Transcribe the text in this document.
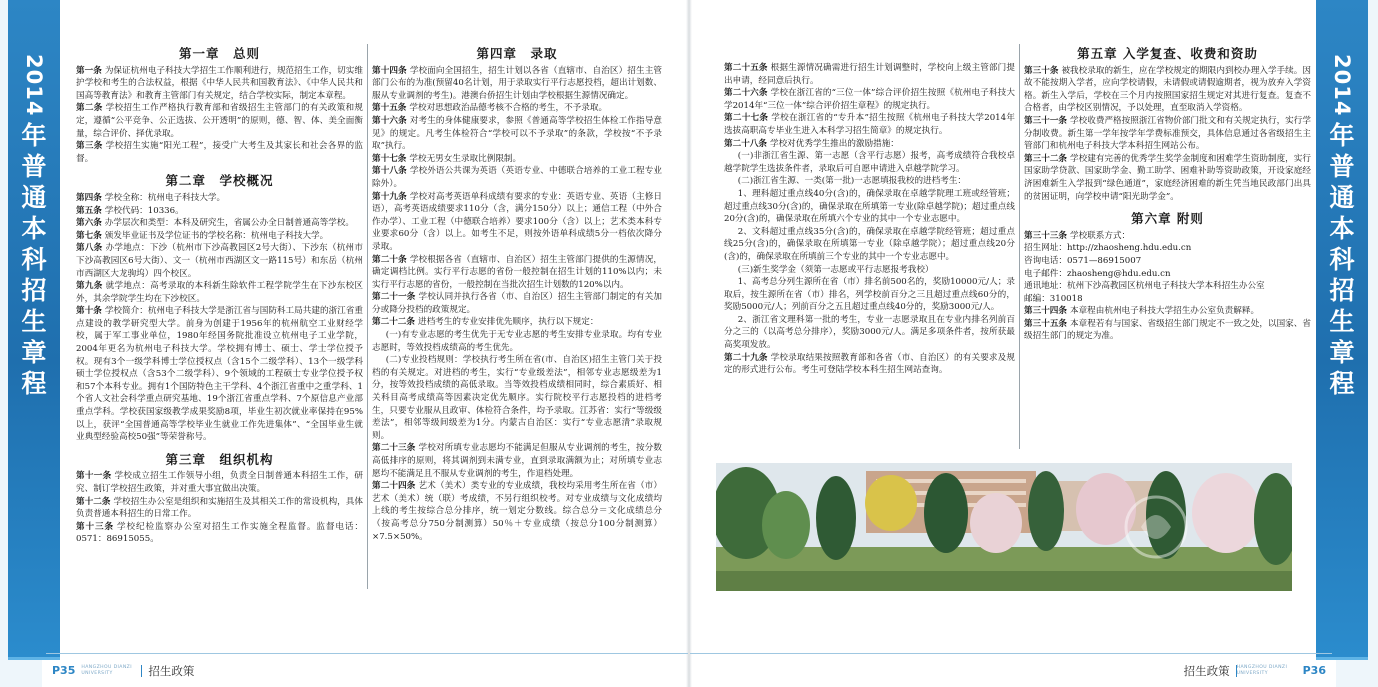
2014
年
普
通
本
科
招
生
章
程
2014
年
普
通
本
科
招
生
章
程
第一章　总则
第一条 为保证杭州电子科技大学招生工作顺利进行，规范招生工作，切实维护学校和考生的合法权益，根据《中华人民共和国教育法》、《中华人民共和国高等教育法》和教育主管部门有关规定，结合学校实际，制定本章程。
第二条 学校招生工作严格执行教育部和省级招生主管部门的有关政策和规定，遵循“公平竞争、公正选拔、公开透明”的原则，德、智、体、美全面衡量，综合评价、择优录取。
第三条 学校招生实施“阳光工程”，接受广大考生及其家长和社会各界的监督。
第二章　学校概况
第四条 学校全称：杭州电子科技大学。
第五条 学校代码：10336。
第六条 办学层次和类型：本科及研究生，省属公办全日制普通高等学校。
第七条 颁发毕业证书及学位证书的学校名称：杭州电子科技大学。
第八条 办学地点：下沙（杭州市下沙高教园区2号大街）、下沙东（杭州市下沙高教园区6号大街）、文一（杭州市西湖区文一路115号）和东岳（杭州市西湖区大龙驹坞）四个校区。
第九条 就学地点：高考录取的本科新生除软件工程学院学生在下沙东校区外，其余学院学生均在下沙校区。
第十条 学校简介：杭州电子科技大学是浙江省与国防科工局共建的浙江省重点建设的教学研究型大学。前身为创建于1956年的杭州航空工业财经学校，属于军工事业单位，1980年经国务院批准设立杭州电子工业学院，2004年更名为杭州电子科技大学。学校拥有博士、硕士、学士学位授予权。现有3个一级学科博士学位授权点（含15个二级学科）、13个一级学科硕士学位授权点（含53个二级学科）、9个领域的工程硕士专业学位授予权和57个本科专业。拥有1个国防特色主干学科、4个浙江省重中之重学科、1个省人文社会科学重点研究基地、19个浙江省重点学科、7个原信息产业部重点学科。学校获国家级教学成果奖励8项，毕业生初次就业率保持在95%以上，获评“全国普通高等学校毕业生就业工作先进集体”、“全国毕业生就业典型经验高校50强”等荣誉称号。
第三章　组织机构
第十一条 学校成立招生工作领导小组，负责全日制普通本科招生工作，研究、制订学校招生政策，并对重大事宜做出决策。
第十二条 学校招生办公室是组织和实施招生及其相关工作的常设机构，具体负责普通本科招生的日常工作。
第十三条 学校纪检监察办公室对招生工作实施全程监督。监督电话：0571：86915055。
第四章　录取
第十四条 学校面向全国招生，招生计划以各省（直辖市、自治区）招生主管部门公布的为准(预留40名计划，用于录取实行平行志愿投档，超出计划数、服从专业调剂的考生)。港澳台侨招生计划由学校根据生源情况确定。
第十五条 学校对思想政治品德考核不合格的考生，不予录取。
第十六条 对考生的身体健康要求，参照《普通高等学校招生体检工作指导意见》的规定。凡考生体检符合“学校可以不予录取”的条款，学校按“不予录取”执行。
第十七条 学校无男女生录取比例限制。
第十八条 学校外语公共课为英语（英语专业、中德联合培养的工业工程专业除外）。
第十九条 学校对高考英语单科成绩有要求的专业：英语专业、英语（主修日语），高考英语成绩要求110分（含，满分150分）以上；通信工程（中外合作办学）、工业工程（中德联合培养）要求100分（含）以上；艺术类本科专业要求60分（含）以上。如考生不足，则按外语单科成绩5分一档依次降分录取。
第二十条 学校根据各省（直辖市、自治区）招生主管部门提供的生源情况，确定调档比例。实行平行志愿的省份一般控制在招生计划的110%以内；未实行平行志愿的省份，一般控制在当批次招生计划数的120%以内。
第二十一条 学校认同并执行各省（市、自治区）招生主管部门制定的有关加分或降分投档的政策规定。
第二十二条 进档考生的专业安排优先顺序，执行以下规定：
(一)有专业志愿的考生优先于无专业志愿的考生安排专业录取。均有专业志愿时，等效投档成绩高的考生优先。
(二)专业投档规则：学校执行考生所在省(市、自治区)招生主管门关于投档的有关规定。对进档的考生，实行“专业级差法”，相邻专业志愿级差为1分，按等效投档成绩的高低录取。当等效投档成绩相同时，综合素质好、相关科目高考成绩高等因素决定优先顺序。实行院校平行志愿投档的进档考生，只要专业服从且政审、体检符合条件，均予录取。江苏省：实行“等级级差法”，相邻等级间级差为1分。内蒙古自治区：实行“专业志愿清”录取规则。
第二十三条 学校对所填专业志愿均不能满足但服从专业调剂的考生，按分数高低排序的原则，将其调剂到未满专业，直到录取满额为止；对所填专业志愿均不能满足且不服从专业调剂的考生，作退档处理。
第二十四条 艺术（美术）类专业的专业成绩，我校均采用考生所在省（市）艺术（美术）统（联）考成绩，不另行组织校考。对专业成绩与文化成绩均上线的考生按综合总分排序，统一划定分数线。综合总分＝文化成绩总分（按高考总分750分制测算）50％＋专业成绩（按总分100分制测算）×7.5×50%。
第二十五条 根据生源情况确需进行招生计划调整时，学校向上级主管部门提出申请，经同意后执行。
第二十六条 学校在浙江省的“三位一体”综合评价招生按照《杭州电子科技大学2014年“三位一体”综合评价招生章程》的规定执行。
第二十七条 学校在浙江省的“专升本”招生按照《杭州电子科技大学2014年选拔高职高专毕业生进入本科学习招生简章》的规定执行。
第二十八条 学校对优秀学生推出的激励措施：
(一)非浙江省生源、第一志愿（含平行志愿）报考，高考成绩符合我校卓越学院学生选拔条件者，录取后可自愿申请进入卓越学院学习。
(二)浙江省生源、一类(第一批)一志愿填报我校的进档考生：
1、理科超过重点线40分(含)的，确保录取在卓越学院理工班或经管班；超过重点线30分(含)的，确保录取在所填第一专业(除卓越学院)；超过重点线20分(含)的，确保录取在所填六个专业的其中一个专业志愿中。
2、文科超过重点线35分(含)的，确保录取在卓越学院经管班；超过重点线25分(含)的，确保录取在所填第一专业（除卓越学院）；超过重点线20分(含)的，确保录取在所填前三个专业的其中一个专业志愿中。
(三)新生奖学金（须第一志愿或平行志愿报考我校）
1、高考总分列生源所在省（市）排名前500名的，奖励10000元/人；录取后，按生源所在省（市）排名，列学校前百分之三且超过重点线60分的，奖励5000元/人；列前百分之五且超过重点线40分的，奖励3000元/人。
2、浙江省文理科第一批的考生，专业一志愿录取且在专业内排名列前百分之三的（以高考总分排序），奖励3000元/人。满足多项条件者，按所获最高奖项发放。
第二十九条 学校录取结果按照教育部和各省（市、自治区）的有关要求及规定的形式进行公布。考生可登陆学校本科生招生网站查询。
第五章 入学复查、收费和资助
第三十条 被我校录取的新生，应在学校规定的期限内到校办理入学手续。因故不能按期入学者，应向学校请假，未请假或请假逾期者，视为放弃入学资格。新生入学后，学校在三个月内按照国家招生规定对其进行复查。复查不合格者，由学校区别情况，予以处理，直至取消入学资格。
第三十一条 学校收费严格按照浙江省物价部门批文和有关规定执行，实行学分制收费。新生第一学年按学年学费标准预交，具体信息通过各省级招生主管部门和杭州电子科技大学本科招生网站公布。
第三十二条 学校建有完善的优秀学生奖学金制度和困难学生资助制度，实行国家助学贷款、国家助学金、勤工助学、困难补助等资助政策，开设家庭经济困难新生入学报到“绿色通道”，家庭经济困难的新生凭当地民政部门出具的贫困证明，向学校申请“阳光助学金”。
第六章 附则
第三十三条 学校联系方式：
招生网址：http://zhaosheng.hdu.edu.cn
咨询电话：0571—86915007
电子邮件：zhaosheng@hdu.edu.cn
通讯地址：杭州下沙高教园区杭州电子科技大学本科招生办公室
邮编：310018
第三十四条 本章程由杭州电子科技大学招生办公室负责解释。
第三十五条 本章程若有与国家、省级招生部门规定不一致之处，以国家、省级招生部门的规定为准。
P35 HANGZHOU DIANZI UNIVERSITY	招生政策	招生政策 HANGZHOU DIANZI UNIVERSITY	P36
